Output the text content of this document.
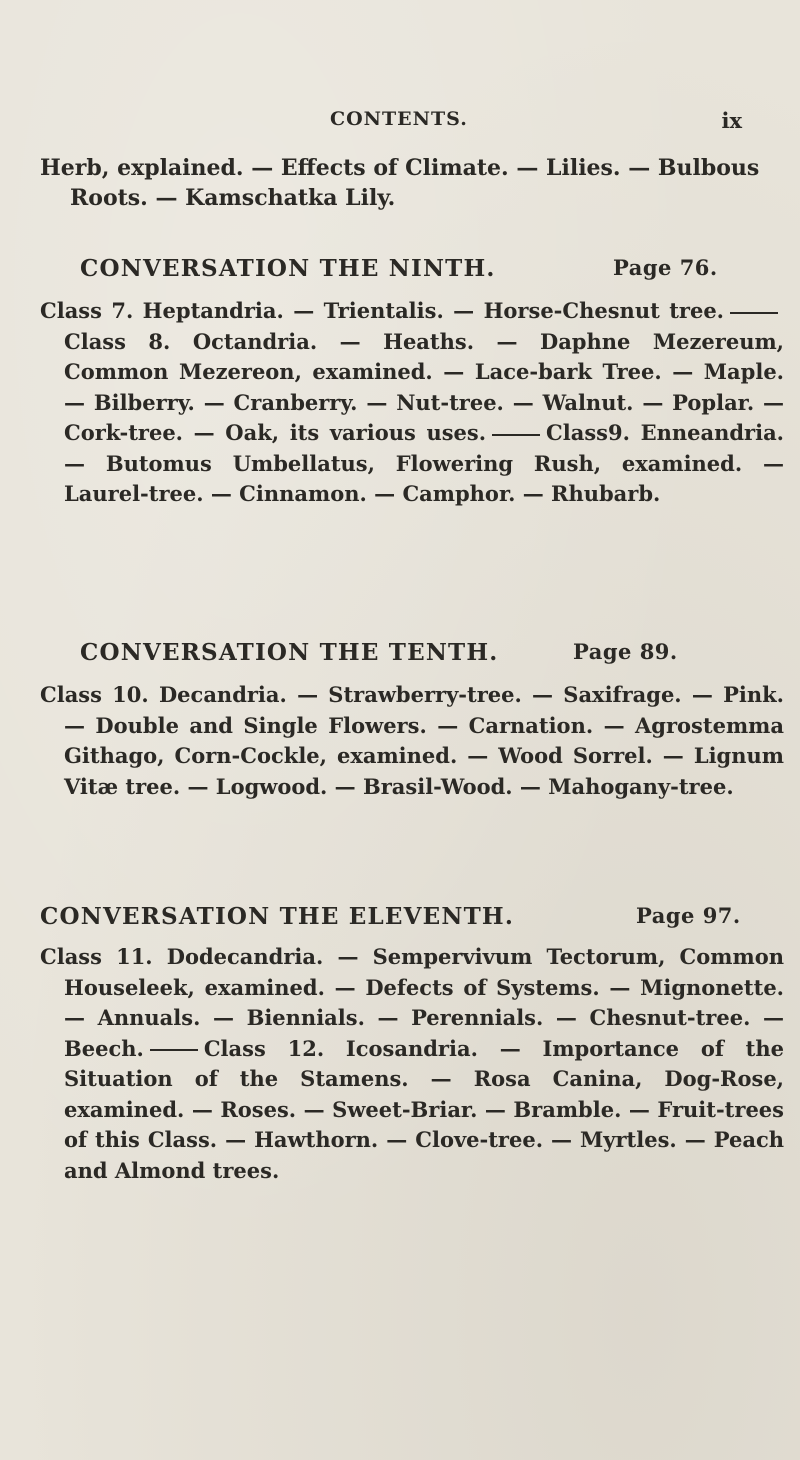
CONTENTS.	ix
Herb, explained. — Effects of Climate. — Lilies. — Bulbous Roots. — Kamschatka Lily.
CONVERSATION THE NINTH.	Page 76.
Class 7. Heptandria. — Trientalis. — Horse-Chesnut tree.Class 8. Octandria. — Heaths. — Daphne Mezereum, Common Mezereon, examined. — Lace-bark Tree. — Maple. — Bilberry. — Cranberry. — Nut-tree. — Walnut. — Poplar. — Cork-tree. — Oak, its various uses.	Class9. Enneandria. — Butomus Umbellatus, Flowering Rush, examined. — Laurel-tree. — Cinnamon. — Camphor. — Rhubarb.
CONVERSATION THE TENTH.	Page 89.
Class 10. Decandria. — Strawberry-tree. — Saxifrage. — Pink. — Double and Single Flowers. — Carnation. — Agrostemma Githago, Corn-Cockle, examined. — Wood Sorrel. — Lignum Vitæ tree. — Logwood. — Brasil-Wood. — Mahogany-tree.
CONVERSATION THE ELEVENTH.	Page 97.
Class 11. Dodecandria. — Sempervivum Tectorum, Common Houseleek, examined. — Defects of Systems. — Mignonette. — Annuals. — Biennials. — Perennials. — Chesnut-tree. — Beech.	Class 12. Icosandria. — Importance of the Situation of the Stamens. — Rosa Canina, Dog-Rose, examined. — Roses. — Sweet-Briar. — Bramble. — Fruit-trees of this Class. — Hawthorn. — Clove-tree. — Myrtles. — Peach and Almond trees.
